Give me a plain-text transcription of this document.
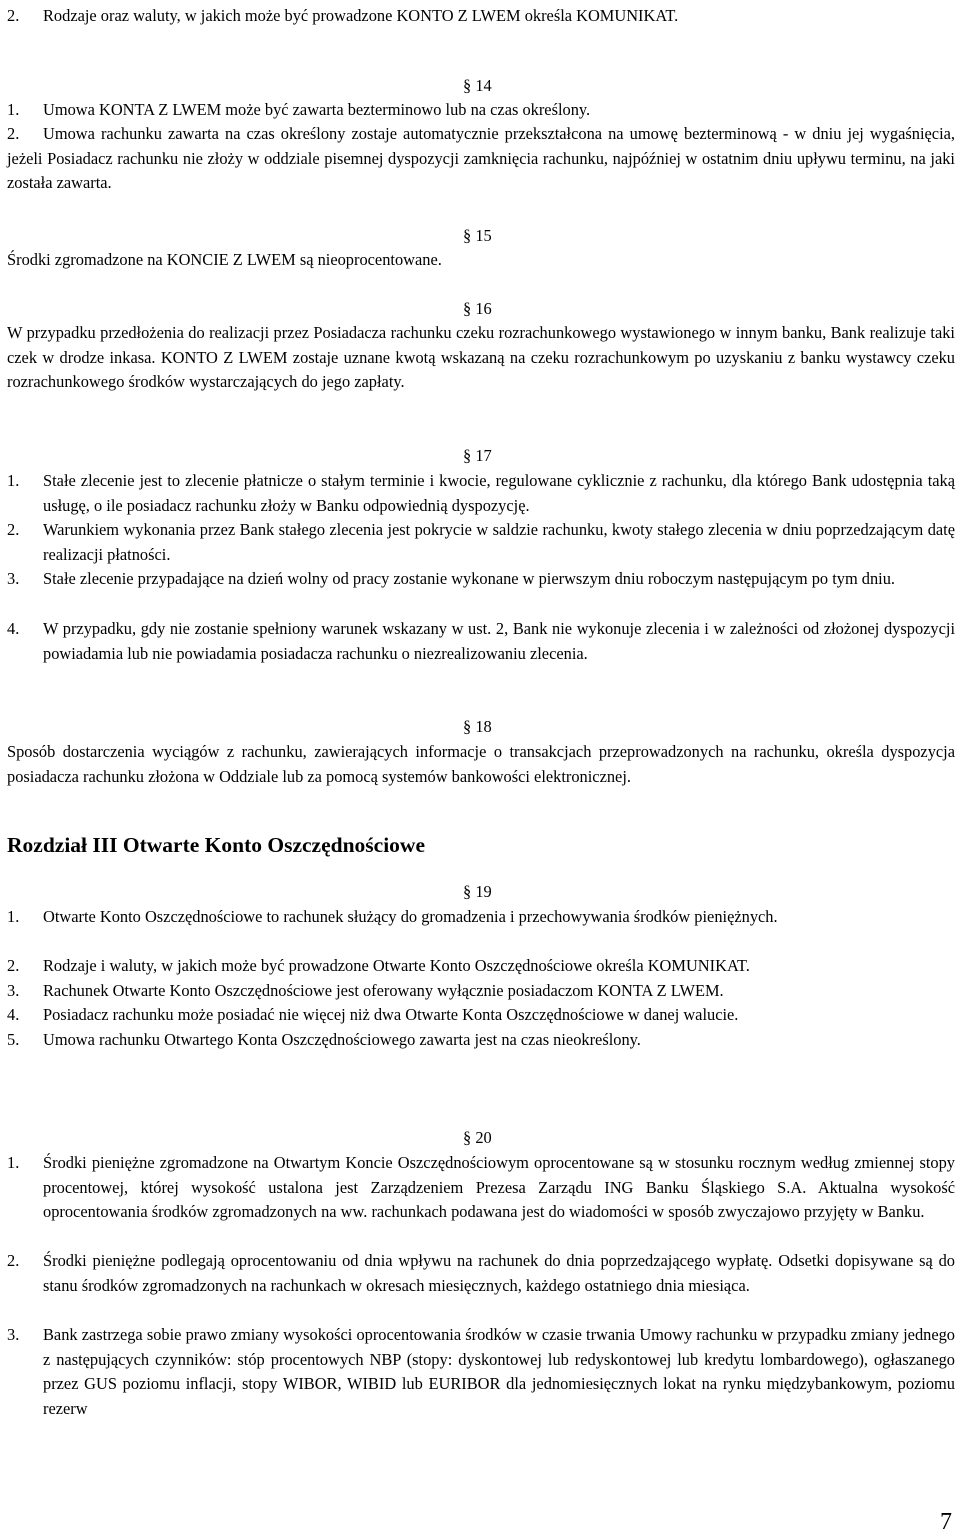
2.	Rodzaje oraz waluty, w jakich może być prowadzone KONTO Z LWEM określa KOMUNIKAT.
§ 14
1.	Umowa KONTA Z LWEM może być zawarta bezterminowo lub na czas określony.
2.	Umowa rachunku zawarta na czas określony zostaje automatycznie przekształcona na umowę bezterminową - w dniu jej wygaśnięcia, jeżeli Posiadacz rachunku nie złoży w oddziale pisemnej dyspozycji zamknięcia rachunku, najpóźniej w ostatnim dniu upływu terminu, na jaki została zawarta.
§ 15
Środki zgromadzone na KONCIE Z LWEM są nieoprocentowane.
§ 16
W przypadku przedłożenia do realizacji przez Posiadacza rachunku czeku rozrachunkowego wystawionego w innym banku, Bank realizuje taki czek w drodze inkasa. KONTO Z LWEM zostaje uznane kwotą wskazaną na czeku rozrachunkowym po uzyskaniu z banku wystawcy czeku rozrachunkowego środków wystarczających do jego zapłaty.
§ 17
1.	Stałe zlecenie jest to zlecenie płatnicze o stałym terminie i kwocie, regulowane cyklicznie z rachunku, dla którego Bank udostępnia taką usługę, o ile posiadacz rachunku złoży w Banku odpowiednią dyspozycję.
2.	Warunkiem wykonania przez Bank stałego zlecenia jest pokrycie w saldzie rachunku, kwoty stałego zlecenia w dniu poprzedzającym datę realizacji płatności.
3.	Stałe zlecenie przypadające na dzień wolny od pracy zostanie wykonane w pierwszym dniu roboczym następującym po tym dniu.
4.	W przypadku, gdy nie zostanie spełniony warunek wskazany w ust. 2, Bank nie wykonuje zlecenia i w zależności od złożonej dyspozycji powiadamia lub nie powiadamia posiadacza rachunku o niezrealizowaniu zlecenia.
§ 18
Sposób dostarczenia wyciągów z rachunku, zawierających informacje o transakcjach przeprowadzonych na rachunku, określa dyspozycja posiadacza rachunku złożona w Oddziale lub za pomocą systemów bankowości elektronicznej.
Rozdział III Otwarte Konto Oszczędnościowe
§ 19
1.	Otwarte Konto Oszczędnościowe to rachunek służący do gromadzenia i przechowywania środków pieniężnych.
2.	Rodzaje i waluty, w jakich może być prowadzone Otwarte Konto Oszczędnościowe określa KOMUNIKAT.
3.	Rachunek Otwarte Konto Oszczędnościowe jest oferowany wyłącznie posiadaczom KONTA Z LWEM.
4.	Posiadacz rachunku może posiadać nie więcej niż dwa Otwarte Konta Oszczędnościowe w danej walucie.
5.	Umowa rachunku Otwartego Konta Oszczędnościowego zawarta jest na czas nieokreślony.
§ 20
1.	Środki pieniężne zgromadzone na Otwartym Koncie Oszczędnościowym oprocentowane są w stosunku rocznym według zmiennej stopy procentowej, której wysokość ustalona jest Zarządzeniem Prezesa Zarządu ING Banku Śląskiego S.A. Aktualna wysokość oprocentowania środków zgromadzonych na ww. rachunkach podawana jest do wiadomości w sposób zwyczajowo przyjęty w Banku.
2.	Środki pieniężne podlegają oprocentowaniu od dnia wpływu na rachunek do dnia poprzedzającego wypłatę. Odsetki dopisywane są do stanu środków zgromadzonych na rachunkach w okresach miesięcznych, każdego ostatniego dnia miesiąca.
3.	Bank zastrzega sobie prawo zmiany wysokości oprocentowania środków w czasie trwania Umowy rachunku w przypadku zmiany jednego z następujących czynników: stóp procentowych NBP (stopy: dyskontowej lub redyskontowej lub kredytu lombardowego), ogłaszanego przez GUS poziomu inflacji, stopy WIBOR, WIBID lub EURIBOR dla jednomiesięcznych lokat na rynku międzybankowym, poziomu rezerw
7
